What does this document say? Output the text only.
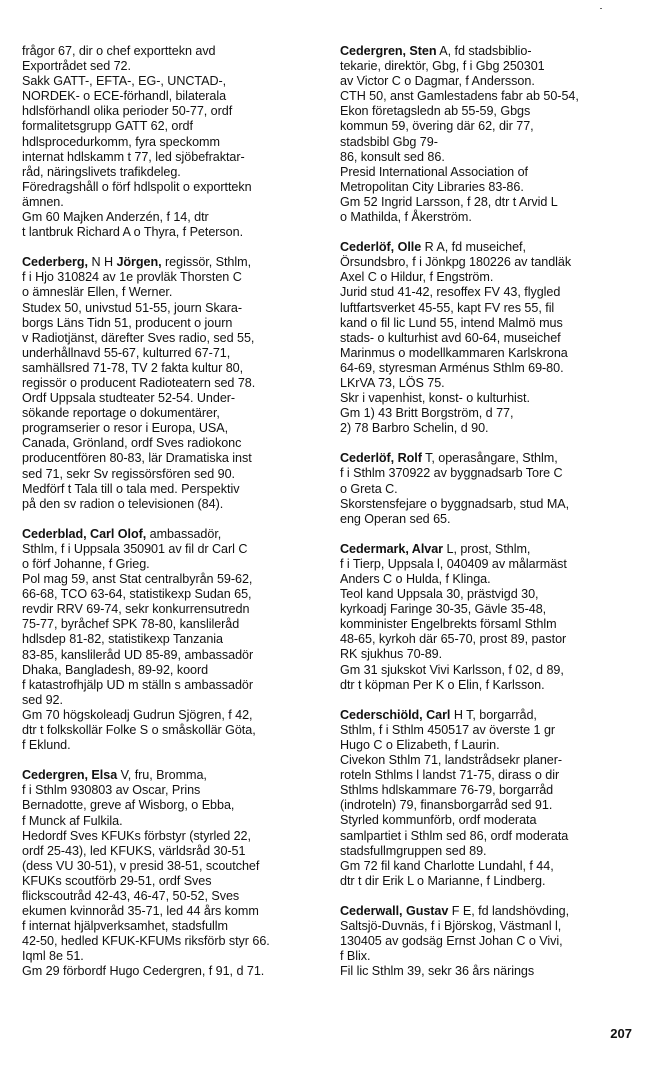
frågor 67, dir o chef exporttekn avd
Exportrådet sed 72.
Sakk GATT-, EFTA-, EG-, UNCTAD-,
NORDEK- o ECE-förhandl, bilaterala
hdlsförhandl olika perioder 50-77, ordf
formalitetsgrupp GATT 62, ordf
hdlsprocedurkomm, fyra speckomm
internat hdlskamm t 77, led sjöbefraktar-
råd, näringslivets trafikdeleg.
Föredragshåll o förf hdlspolit o exporttekn
ämnen.
Gm 60 Majken Anderzén, f 14, dtr
t lantbruk Richard A o Thyra, f Peterson.
Cederberg, N H Jörgen, regissör, Sthlm,
f i Hjo 310824 av 1e provläk Thorsten C
o ämneslär Ellen, f Werner.
Studex 50, univstud 51-55, journ Skara-
borgs Läns Tidn 51, producent o journ
v Radiotjänst, därefter Sves radio, sed 55,
underhållnavd 55-67, kulturred 67-71,
samhällsred 71-78, TV 2 fakta kultur 80,
regissör o producent Radioteatern sed 78.
Ordf Uppsala studteater 52-54. Under-
sökande reportage o dokumentärer,
programserier o resor i Europa, USA,
Canada, Grönland, ordf Sves radiokonc
producentfören 80-83, lär Dramatiska inst
sed 71, sekr Sv regissörsfören sed 90.
Medförf t Tala till o tala med. Perspektiv
på den sv radion o televisionen (84).
Cederblad, Carl Olof, ambassadör,
Sthlm, f i Uppsala 350901 av fil dr Carl C
o förf Johanne, f Grieg.
Pol mag 59, anst Stat centralbyrån 59-62,
66-68, TCO 63-64, statistikexp Sudan 65,
revdir RRV 69-74, sekr konkurrensutredn
75-77, byråchef SPK 78-80, kanslileråd
hdlsdep 81-82, statistikexp Tanzania
83-85, kanslileråd UD 85-89, ambassadör
Dhaka, Bangladesh, 89-92, koord
f katastrofhjälp UD m ställn s ambassadör
sed 92.
Gm 70 högskoleadj Gudrun Sjögren, f 42,
dtr t folkskollär Folke S o småskollär Göta,
f Eklund.
Cedergren, Elsa V, fru, Bromma,
f i Sthlm 930803 av Oscar, Prins
Bernadotte, greve af Wisborg, o Ebba,
f Munck af Fulkila.
Hedordf Sves KFUKs förbstyr (styrled 22,
ordf 25-43), led KFUKS, världsråd 30-51
(dess VU 30-51), v presid 38-51, scoutchef
KFUKs scoutförb 29-51, ordf Sves
flickscoutråd 42-43, 46-47, 50-52, Sves
ekumen kvinnoråd 35-71, led 44 års komm
f internat hjälpverksamhet, stadsfullm
42-50, hedled KFUK-KFUMs riksförb styr 66.
Iqml 8e 51.
Gm 29 förbordf Hugo Cedergren, f 91, d 71.
Cedergren, Sten A, fd stadsbiblio-
tekarie, direktör, Gbg, f i Gbg 250301
av Victor C o Dagmar, f Andersson.
CTH 50, anst Gamlestadens fabr ab 50-54,
Ekon företagsledn ab 55-59, Gbgs
kommun 59, övering där 62, dir 77,
stadsbibl Gbg 79-
86, konsult sed 86.
Presid International Association of
Metropolitan City Libraries 83-86.
Gm 52 Ingrid Larsson, f 28, dtr t Arvid L
o Mathilda, f Åkerström.
Cederlöf, Olle R A, fd museichef,
Örsundsbro, f i Jönkpg 180226 av tandläk
Axel C o Hildur, f Engström.
Jurid stud 41-42, resoffex FV 43, flygled
luftfartsverket 45-55, kapt FV res 55, fil
kand o fil lic Lund 55, intend Malmö mus
stads- o kulturhist avd 60-64, museichef
Marinmus o modellkammaren Karlskrona
64-69, styresman Arménus Sthlm 69-80.
LKrVA 73, LÖS 75.
Skr i vapenhist, konst- o kulturhist.
Gm 1) 43 Britt Borgström, d 77,
2) 78 Barbro Schelin, d 90.
Cederlöf, Rolf T, operasångare, Sthlm,
f i Sthlm 370922 av byggnadsarb Tore C
o Greta C.
Skorstensfejare o byggnadsarb, stud MA,
eng Operan sed 65.
Cedermark, Alvar L, prost, Sthlm,
f i Tierp, Uppsala l, 040409 av målarmäst
Anders C o Hulda, f Klinga.
Teol kand Uppsala 30, prästvigd 30,
kyrkoadj Faringe 30-35, Gävle 35-48,
komminister Engelbrekts församl Sthlm
48-65, kyrkoh där 65-70, prost 89, pastor
RK sjukhus 70-89.
Gm 31 sjukskot Vivi Karlsson, f 02, d 89,
dtr t köpman Per K o Elin, f Karlsson.
Cederschiöld, Carl H T, borgarråd,
Sthlm, f i Sthlm 450517 av överste 1 gr
Hugo C o Elizabeth, f Laurin.
Civekon Sthlm 71, landstrådsekr planer-
roteln Sthlms l landst 71-75, dirass o dir
Sthlms hdlskammare 76-79, borgarråd
(indroteln) 79, finansborgarråd sed 91.
Styrled kommunförb, ordf moderata
samlpartiet i Sthlm sed 86, ordf moderata
stadsfullmgruppen sed 89.
Gm 72 fil kand Charlotte Lundahl, f 44,
dtr t dir Erik L o Marianne, f Lindberg.
Cederwall, Gustav F E, fd landshövding,
Saltsjö-Duvnäs, f i Björskog, Västmanl l,
130405 av godsäg Ernst Johan C o Vivi,
f Blix.
Fil lic Sthlm 39, sekr 36 års närings
207
